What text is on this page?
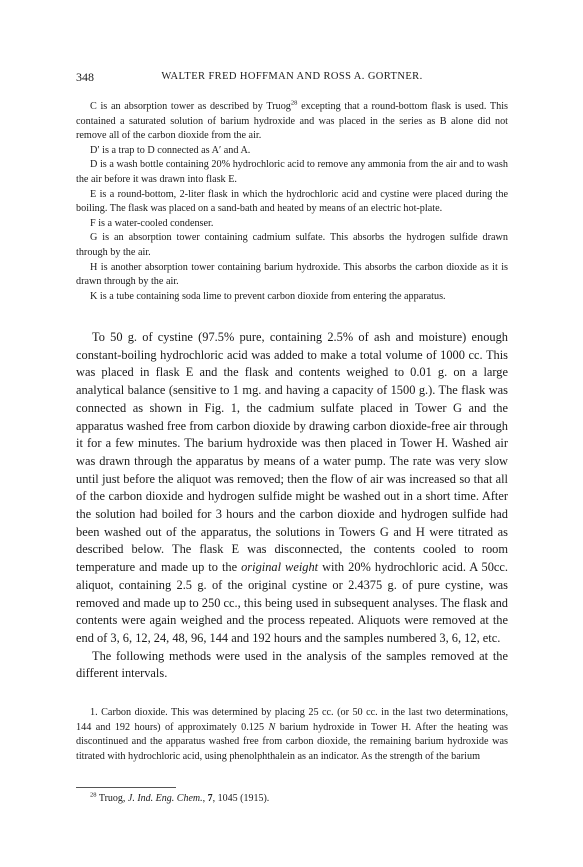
348	WALTER FRED HOFFMAN AND ROSS A. GORTNER.

C is an absorption tower as described by Truog$^{28}$ excepting that a round-bottom flask is used. This contained a saturated solution of barium hydroxide and was placed in the series as B alone did not remove all of the carbon dioxide from the air.

D′ is a trap to D connected as A′ and A.

D is a wash bottle containing 20% hydrochloric acid to remove any ammonia from the air and to wash the air before it was drawn into flask E.

E is a round-bottom, 2-liter flask in which the hydrochloric acid and cystine were placed during the boiling. The flask was placed on a sand-bath and heated by means of an electric hot-plate.

F is a water-cooled condenser.

G is an absorption tower containing cadmium sulfate. This absorbs the hydrogen sulfide drawn through by the air.

H is another absorption tower containing barium hydroxide. This absorbs the carbon dioxide as it is drawn through by the air.

K is a tube containing soda lime to prevent carbon dioxide from entering the apparatus.

To 50 g. of cystine (97.5% pure, containing 2.5% of ash and moisture) enough constant-boiling hydrochloric acid was added to make a total volume of 1000 cc. This was placed in flask E and the flask and contents weighed to 0.01 g. on a large analytical balance (sensitive to 1 mg. and having a capacity of 1500 g.). The flask was connected as shown in Fig. 1, the cadmium sulfate placed in Tower G and the apparatus washed free from carbon dioxide by drawing carbon dioxide-free air through it for a few minutes. The barium hydroxide was then placed in Tower H. Washed air was drawn through the apparatus by means of a water pump. The rate was very slow until just before the aliquot was removed; then the flow of air was increased so that all of the carbon dioxide and hydrogen sulfide might be washed out in a short time. After the solution had boiled for 3 hours and the carbon dioxide and hydrogen sulfide had been washed out of the apparatus, the solutions in Towers G and H were titrated as described below. The flask E was disconnected, the contents cooled to room temperature and made up to the original weight with 20% hydrochloric acid. A 50cc. aliquot, containing 2.5 g. of the original cystine or 2.4375 g. of pure cystine, was removed and made up to 250 cc., this being used in subsequent analyses. The flask and contents were again weighed and the process repeated. Aliquots were removed at the end of 3, 6, 12, 24, 48, 96, 144 and 192 hours and the samples numbered 3, 6, 12, etc.

The following methods were used in the analysis of the samples removed at the different intervals.

1. Carbon dioxide. This was determined by placing 25 cc. (or 50 cc. in the last two determinations, 144 and 192 hours) of approximately 0.125 N barium hydroxide in Tower H. After the heating was discontinued and the apparatus washed free from carbon dioxide, the remaining barium hydroxide was titrated with hydrochloric acid, using phenolphthalein as an indicator. As the strength of the barium

$^{28}$ Truog, J. Ind. Eng. Chem., 7, 1045 (1915).
